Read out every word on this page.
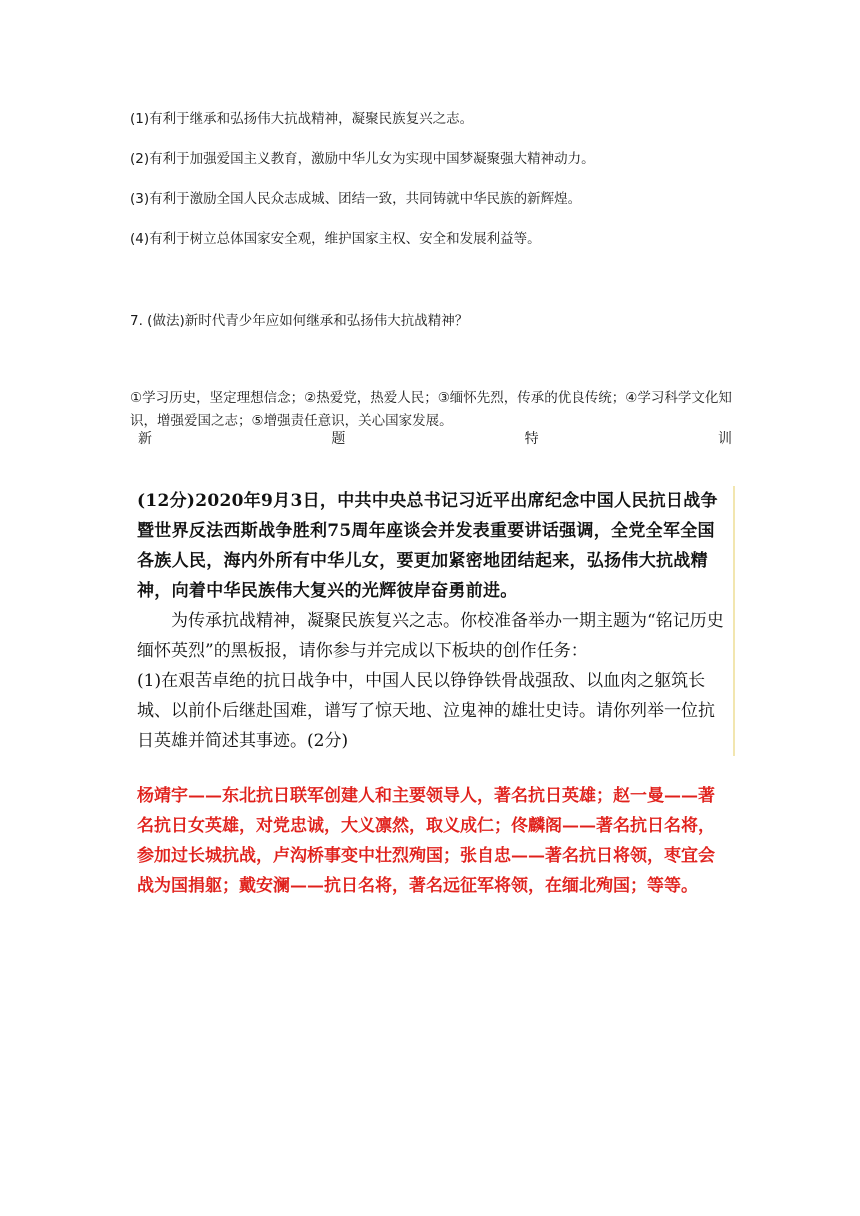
(1)有利于继承和弘扬伟大抗战精神，凝聚民族复兴之志。
(2)有利于加强爱国主义教育，激励中华儿女为实现中国梦凝聚强大精神动力。
(3)有利于激励全国人民众志成城、团结一致，共同铸就中华民族的新辉煌。
(4)有利于树立总体国家安全观，维护国家主权、安全和发展利益等。
7. (做法)新时代青少年应如何继承和弘扬伟大抗战精神？
①学习历史，坚定理想信念；②热爱党，热爱人民；③缅怀先烈，传承的优良传统；④学习科学文化知识，增强爱国之志；⑤增强责任意识，关心国家发展。
新	题	特	训

(12分)2020年9月3日，中共中央总书记习近平出席纪念中国人民抗日战争暨世界反法西斯战争胜利75周年座谈会并发表重要讲话强调，全党全军全国各族人民，海内外所有中华儿女，要更加紧密地团结起来，弘扬伟大抗战精神，向着中华民族伟大复兴的光辉彼岸奋勇前进。

为传承抗战精神，凝聚民族复兴之志。你校准备举办一期主题为“铭记历史 缅怀英烈”的黑板报，请你参与并完成以下板块的创作任务：

(1)在艰苦卓绝的抗日战争中，中国人民以铮铮铁骨战强敌、以血肉之躯筑长城、以前仆后继赴国难，谱写了惊天地、泣鬼神的雄壮史诗。请你列举一位抗日英雄并简述其事迹。(2分)

杨靖宇——东北抗日联军创建人和主要领导人，著名抗日英雄；赵一曼——著名抗日女英雄，对党忠诚，大义凛然，取义成仁；佟麟阁——著名抗日名将，参加过长城抗战，卢沟桥事变中壮烈殉国；张自忠——著名抗日将领，枣宜会战为国捐躯；戴安澜——抗日名将，著名远征军将领，在缅北殉国；等等。
